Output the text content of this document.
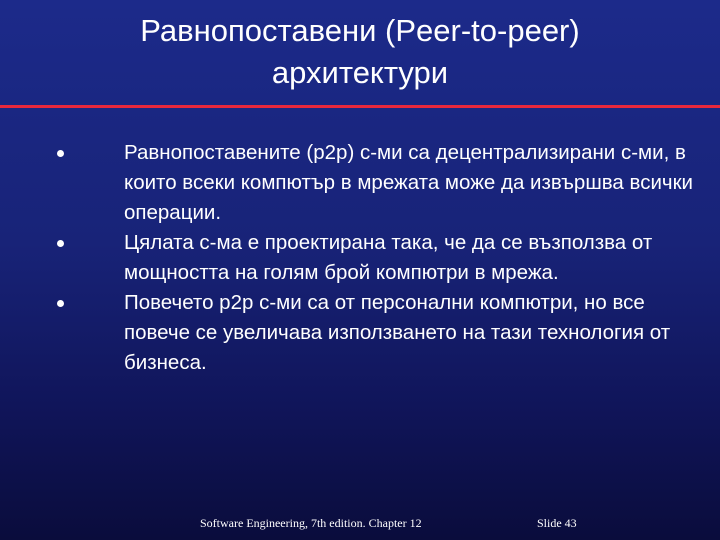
Равнопоставени (Peer-to-peer)
архитектури
Равнопоставените (p2p) с-ми са децентрализирани с-ми, в които всеки компютър в мрежата може да извършва всички операции.
Цялата с-ма е проектирана така, че да се възползва от мощността на голям брой компютри в мрежа.
Повечето p2p с-ми са от персонални компютри, но все повече се увеличава използването на тази технология от бизнеса.
Software Engineering, 7th edition. Chapter 12	Slide 43
